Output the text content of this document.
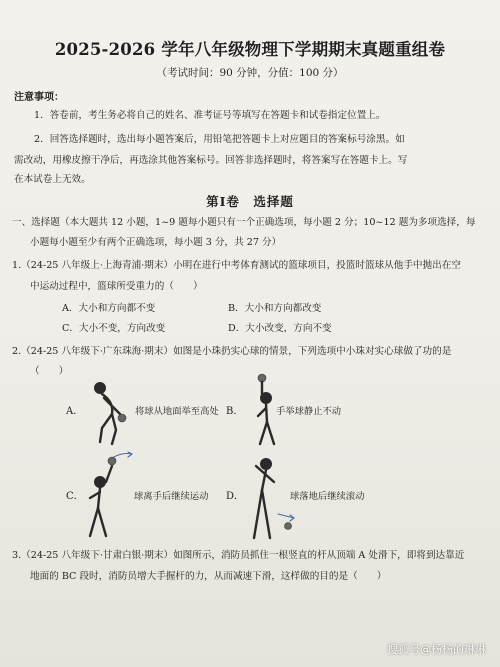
2025-2026 学年八年级物理下学期期末真题重组卷
（考试时间：90 分钟，分值：100 分）
注意事项：
1．答卷前，考生务必将自己的姓名、准考证号等填写在答题卡和试卷指定位置上。
2．回答选择题时，选出每小题答案后，用铅笔把答题卡上对应题目的答案标号涂黑。如
需改动，用橡皮擦干净后，再选涂其他答案标号。回答非选择题时，将答案写在答题卡上。写
在本试卷上无效。
第Ⅰ卷　选择题
一、选择题（本大题共 12 小题，1~9 题每小题只有一个正确选项，每小题 2 分；10~12 题为多项选择，每
小题每小题至少有两个正确选项，每小题 3 分，共 27 分）
1.（24-25 八年级上·上海青浦·期末）小明在进行中考体育测试的篮球项目，投篮时篮球从他手中抛出在空
中运动过程中，篮球所受重力的（　　）
A．大小和方向都不变	B．大小和方向都改变
C．大小不变，方向改变	D．大小改变，方向不变
2.（24-25 八年级下·广东珠海·期末）如图是小珠扔实心球的情景，下列选项中小珠对实心球做了功的是
（　　）
A．	将球从地面举至高处 B．	手举球静止不动
C．	球离手后继续运动 D．	球落地后继续滚动
3.（24-25 八年级下·甘肃白银·期末）如图所示，消防员抓住一根竖直的杆从顶端 A 处滑下，即将到达靠近
地面的 BC 段时，消防员增大手握杆的力，从而减速下滑，这样做的目的是（　　）
搜狐号@杨杨的琳琳
